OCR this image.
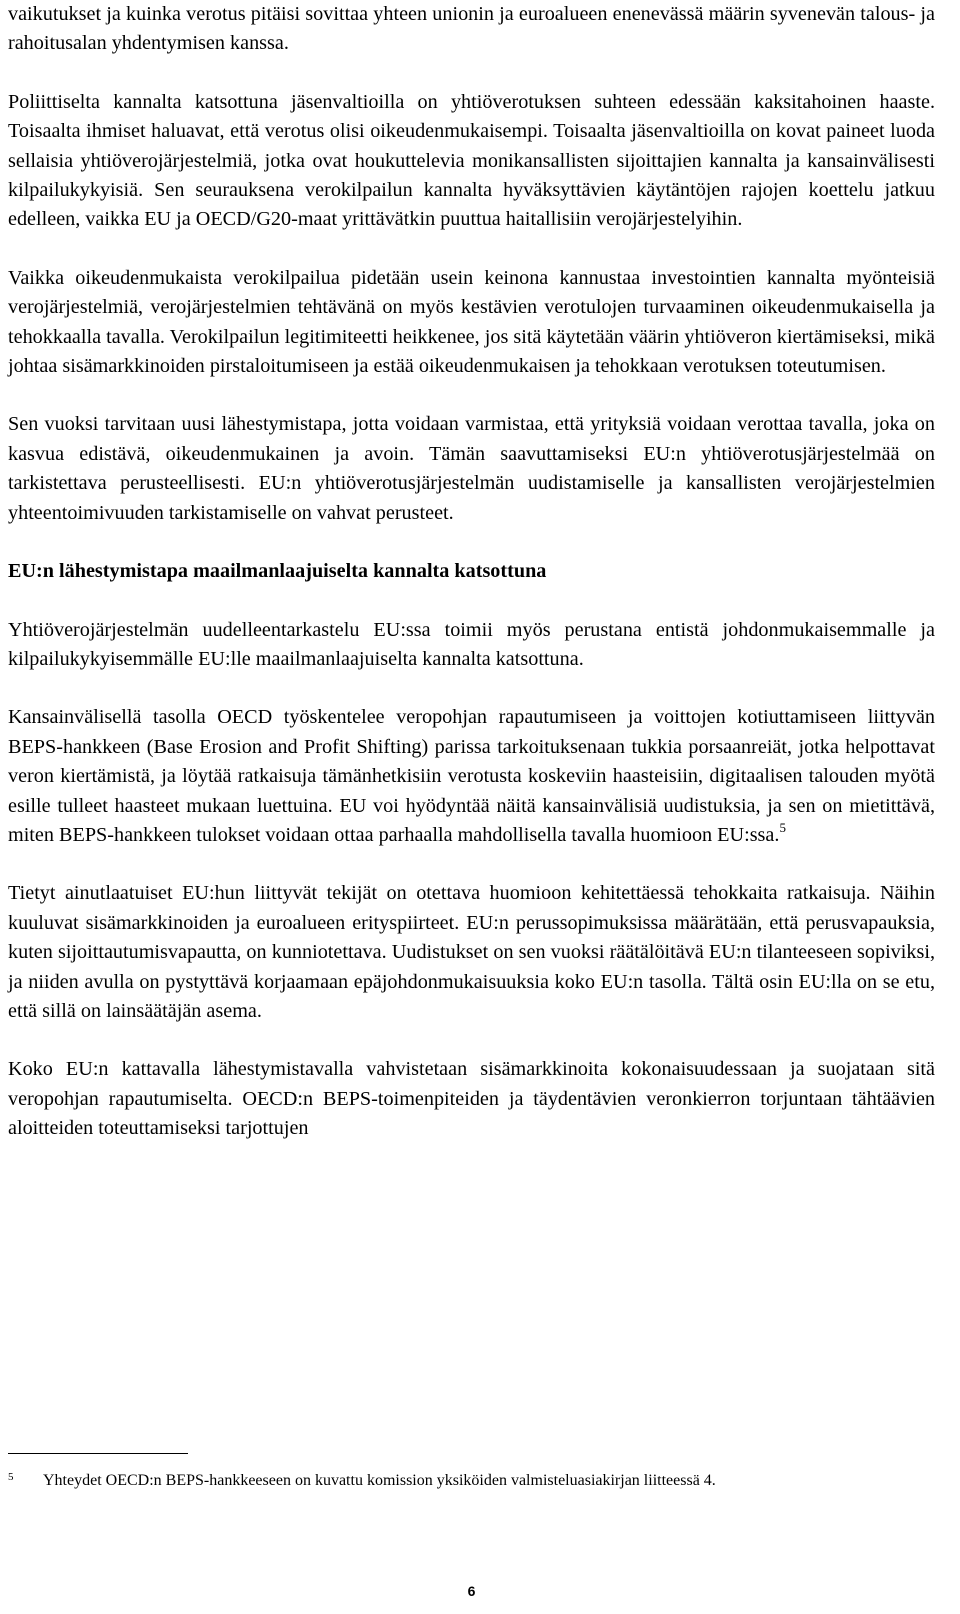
vaikutukset ja kuinka verotus pitäisi sovittaa yhteen unionin ja euroalueen enenevässä määrin syvenevän talous- ja rahoitusalan yhdentymisen kanssa.

Poliittiselta kannalta katsottuna jäsenvaltioilla on yhtiöverotuksen suhteen edessään kaksitahoinen haaste. Toisaalta ihmiset haluavat, että verotus olisi oikeudenmukaisempi. Toisaalta jäsenvaltioilla on kovat paineet luoda sellaisia yhtiöverojärjestelmiä, jotka ovat houkuttelevia monikansallisten sijoittajien kannalta ja kansainvälisesti kilpailukykyisiä. Sen seurauksena verokilpailun kannalta hyväksyttävien käytäntöjen rajojen koettelu jatkuu edelleen, vaikka EU ja OECD/G20-maat yrittävätkin puuttua haitallisiin verojärjestelyihin.

Vaikka oikeudenmukaista verokilpailua pidetään usein keinona kannustaa investointien kannalta myönteisiä verojärjestelmiä, verojärjestelmien tehtävänä on myös kestävien verotulojen turvaaminen oikeudenmukaisella ja tehokkaalla tavalla. Verokilpailun legitimiteetti heikkenee, jos sitä käytetään väärin yhtiöveron kiertämiseksi, mikä johtaa sisämarkkinoiden pirstaloitumiseen ja estää oikeudenmukaisen ja tehokkaan verotuksen toteutumisen.

Sen vuoksi tarvitaan uusi lähestymistapa, jotta voidaan varmistaa, että yrityksiä voidaan verottaa tavalla, joka on kasvua edistävä, oikeudenmukainen ja avoin. Tämän saavuttamiseksi EU:n yhtiöverotusjärjestelmää on tarkistettava perusteellisesti. EU:n yhtiöverotusjärjestelmän uudistamiselle ja kansallisten verojärjestelmien yhteentoimivuuden tarkistamiselle on vahvat perusteet.

EU:n lähestymistapa maailmanlaajuiselta kannalta katsottuna

Yhtiöverojärjestelmän uudelleentarkastelu EU:ssa toimii myös perustana entistä johdonmukaisemmalle ja kilpailukykyisemmälle EU:lle maailmanlaajuiselta kannalta katsottuna.

Kansainvälisellä tasolla OECD työskentelee veropohjan rapautumiseen ja voittojen kotiuttamiseen liittyvän BEPS-hankkeen (Base Erosion and Profit Shifting) parissa tarkoituksenaan tukkia porsaanreiät, jotka helpottavat veron kiertämistä, ja löytää ratkaisuja tämänhetkisiin verotusta koskeviin haasteisiin, digitaalisen talouden myötä esille tulleet haasteet mukaan luettuina. EU voi hyödyntää näitä kansainvälisiä uudistuksia, ja sen on mietittävä, miten BEPS-hankkeen tulokset voidaan ottaa parhaalla mahdollisella tavalla huomioon EU:ssa.$^5$

Tietyt ainutlaatuiset EU:hun liittyvät tekijät on otettava huomioon kehitettäessä tehokkaita ratkaisuja. Näihin kuuluvat sisämarkkinoiden ja euroalueen erityspiirteet. EU:n perussopimuksissa määrätään, että perusvapauksia, kuten sijoittautumisvapautta, on kunniotettava. Uudistukset on sen vuoksi räätälöitävä EU:n tilanteeseen sopiviksi, ja niiden avulla on pystyttävä korjaamaan epäjohdonmukaisuuksia koko EU:n tasolla. Tältä osin EU:lla on se etu, että sillä on lainsäätäjän asema.

Koko EU:n kattavalla lähestymistavalla vahvistetaan sisämarkkinoita kokonaisuudessaan ja suojataan sitä veropohjan rapautumiselta. OECD:n BEPS-toimenpiteiden ja täydentävien veronkierron torjuntaan tähtäävien aloitteiden toteuttamiseksi tarjottujen

5	Yhteydet OECD:n BEPS-hankkeeseen on kuvattu komission yksiköiden valmisteluasiakirjan liitteessä 4.
6
